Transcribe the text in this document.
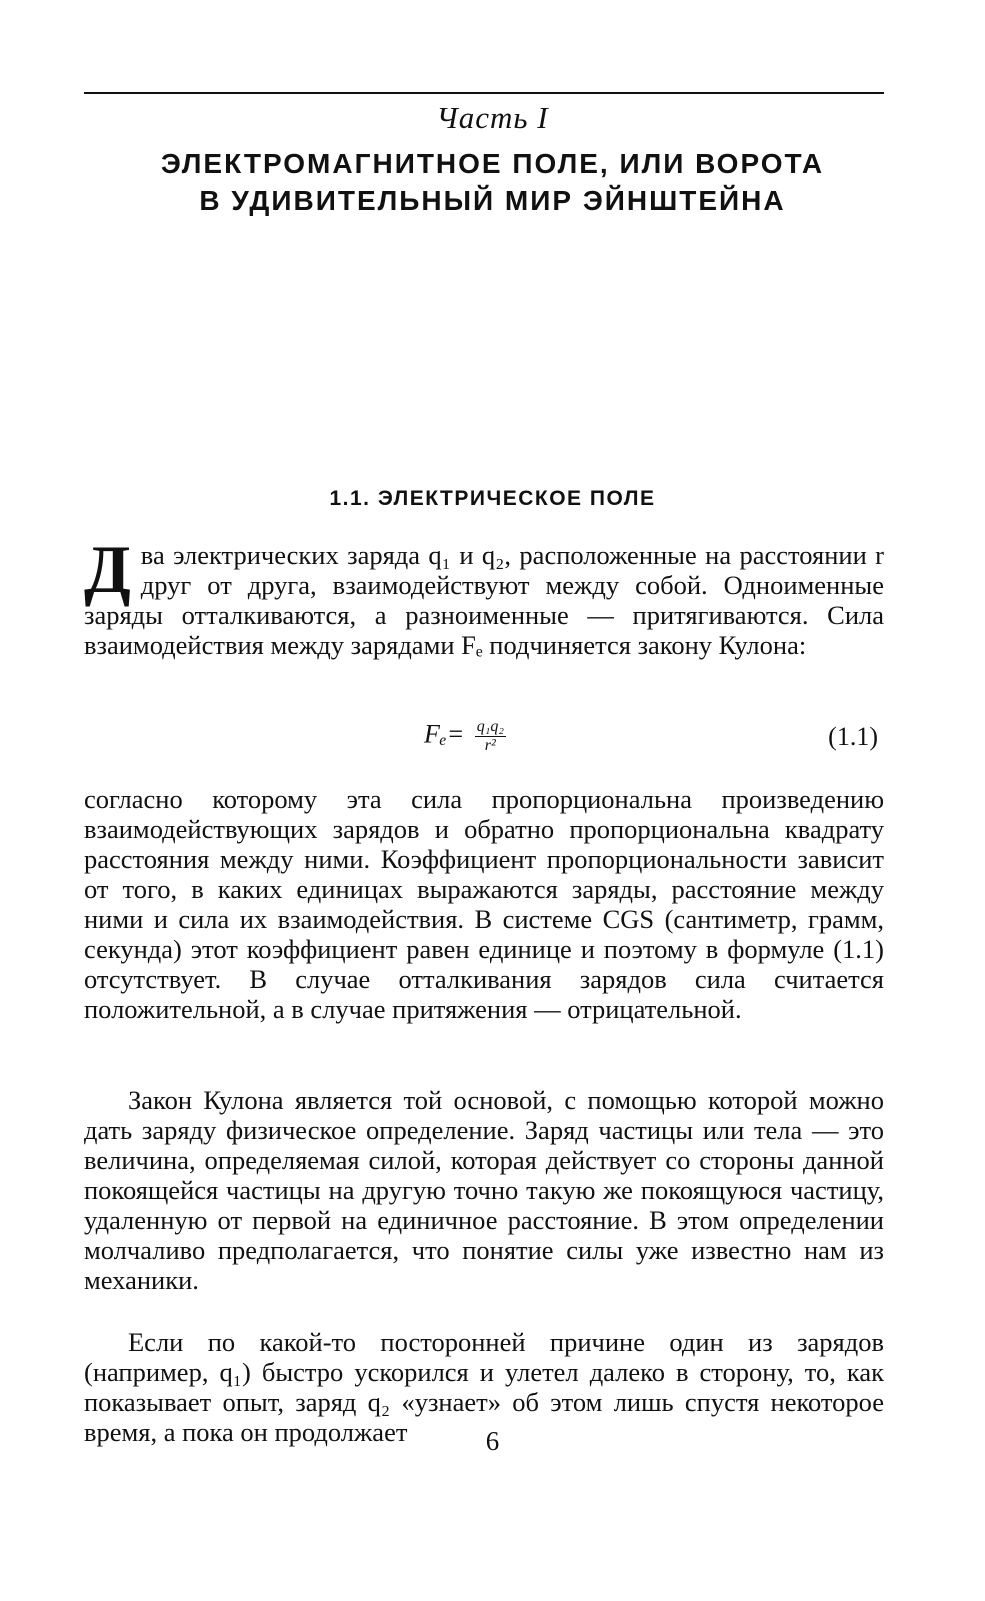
Часть I
ЭЛЕКТРОМАГНИТНОЕ ПОЛЕ, ИЛИ ВОРОТА
В УДИВИТЕЛЬНЫЙ МИР ЭЙНШТЕЙНА
1.1. ЭЛЕКТРИЧЕСКОЕ ПОЛЕ

Д ва электрических заряда q₁ и q₂, расположенные на расстоянии r друг от друга, взаимодействуют между собой. Одноименные заряды отталкиваются, а разноименные — притягиваются. Сила взаимодействия между зарядами Fₑ подчиняется законy Кулона:

$F_e= \frac{\text{q₁q₂}}{\text{r²}}$	(1.1)

согласно которому эта сила пропорциональна произведению взаимодействующих зарядов и обратно пропорциональна квадрату расстояния между ними. Коэффициент пропорциональности зависит от того, в каких единицах выражаются заряды, расстояние между ними и сила их взаимодействия. В системе CGS (сантиметр, грамм, секунда) этот коэффициент равен единице и поэтому в формуле (1.1) отсутствует. В случае отталкивания зарядов сила считается положительной, а в случае притяжения — отрицательной.

Закон Кулона является той основой, с помощью которой можно дать заряду физическое определение. Заряд частицы или тела — это величина, определяемая силой, которая действует со стороны данной покоящейся частицы на другую точно такую же покоящуюся частицу, удаленную от первой на единичное расстояние. В этом определении молчаливо предполагается, что понятие силы уже известно нам из механики.

Если по какой-то посторонней причине один из зарядов (например, q₁) быстро ускорился и улетел далеко в сторону, то, как показывает опыт, заряд q₂ «узнает» об этом лишь спустя некоторое время, а пока он продолжает	6
